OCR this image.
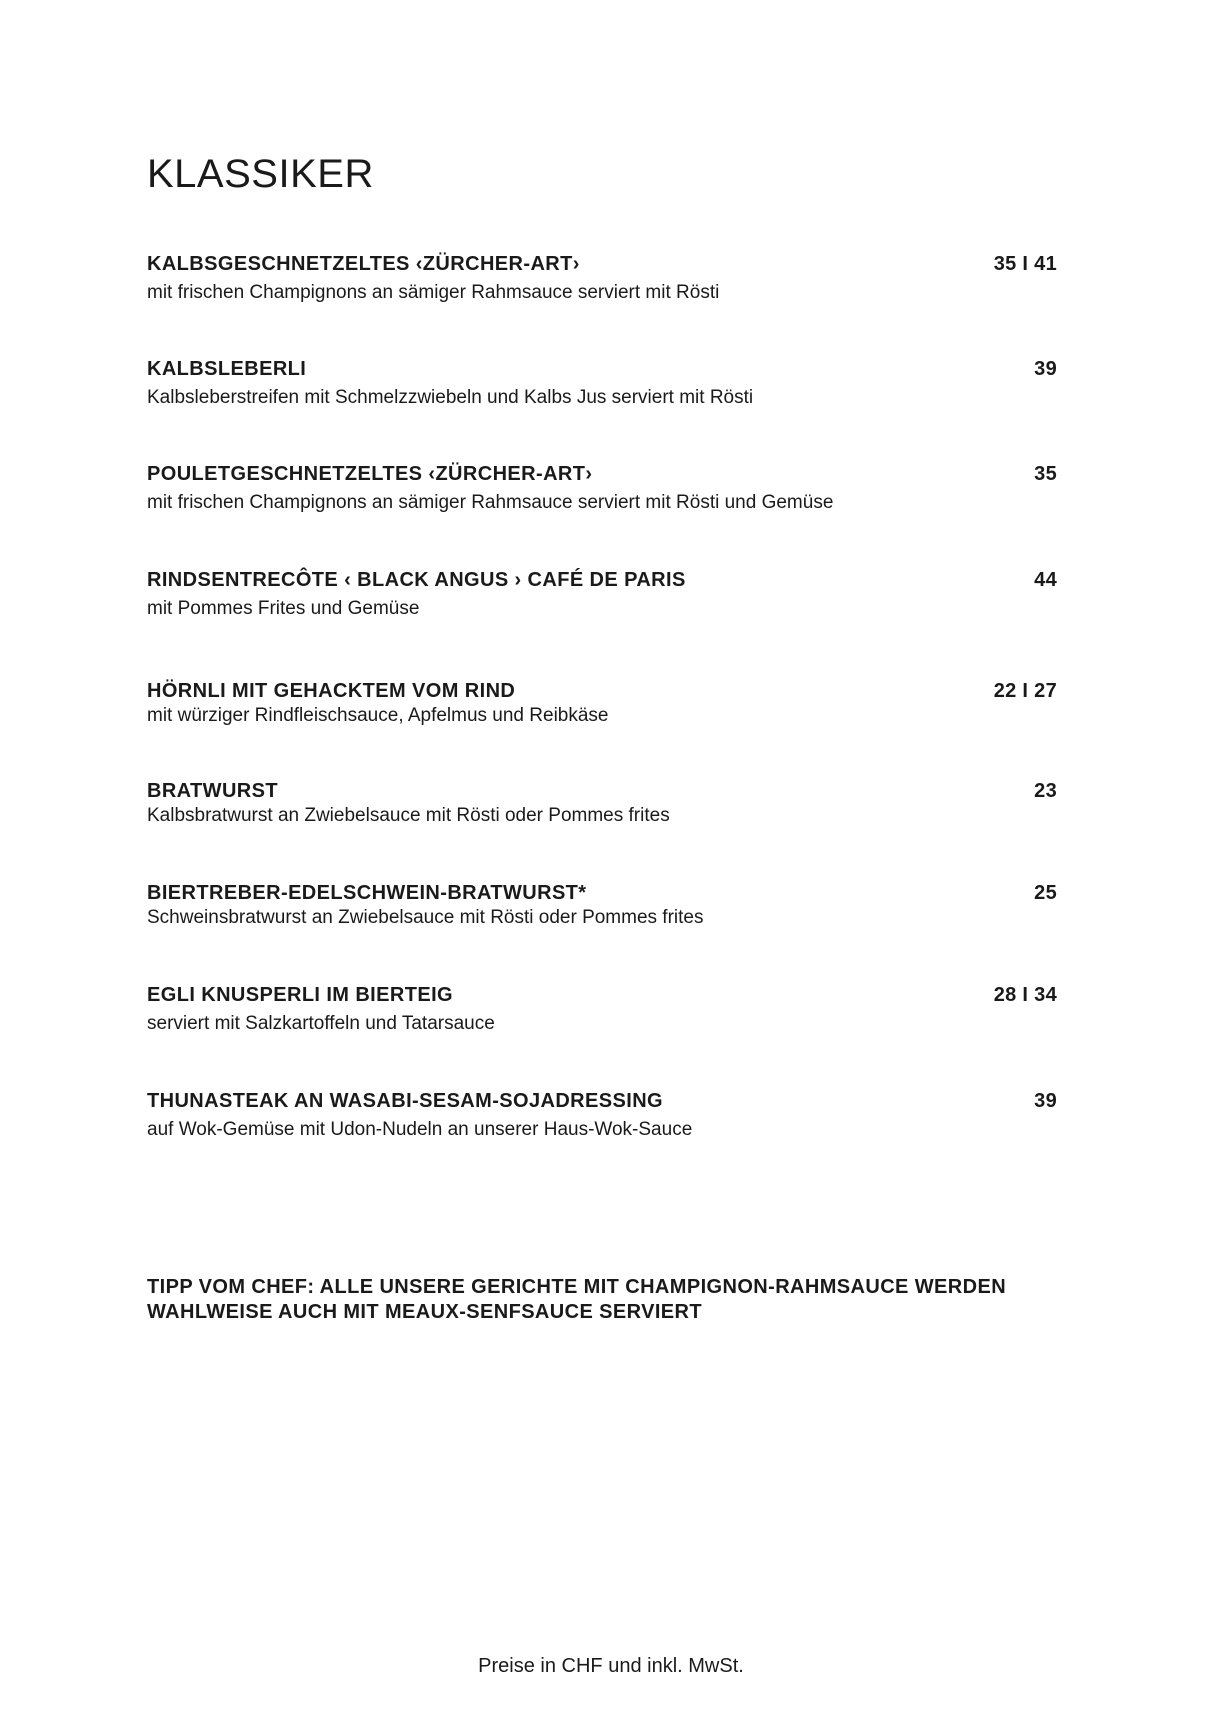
KLASSIKER
KALBSGESCHNETZELTES ‹ZÜRCHER-ART›	35 I 41
mit frischen Champignons an sämiger Rahmsauce serviert mit Rösti
KALBSLEBERLI	39
Kalbsleberstreifen mit Schmelzzwiebeln und Kalbs Jus serviert mit Rösti
POULETGESCHNETZELTES ‹ZÜRCHER-ART›	35
mit frischen Champignons an sämiger Rahmsauce serviert mit Rösti und Gemüse
RINDSENTRECÔTE ‹ BLACK ANGUS › CAFÉ DE PARIS	44
mit Pommes Frites und Gemüse
HÖRNLI MIT GEHACKTEM VOM RIND	22 I 27
mit würziger Rindfleischsauce, Apfelmus und Reibkäse
BRATWURST	23
Kalbsbratwurst an Zwiebelsauce mit Rösti oder Pommes frites
BIERTREBER-EDELSCHWEIN-BRATWURST*	25
Schweinsbratwurst an Zwiebelsauce mit Rösti oder Pommes frites
EGLI KNUSPERLI IM BIERTEIG	28 I 34
serviert mit Salzkartoffeln und Tatarsauce
THUNASTEAK AN WASABI-SESAM-SOJADRESSING	39
auf Wok-Gemüse mit Udon-Nudeln an unserer Haus-Wok-Sauce
TIPP VOM CHEF: ALLE UNSERE GERICHTE MIT CHAMPIGNON-RAHMSAUCE WERDEN
WAHLWEISE AUCH MIT MEAUX-SENFSAUCE SERVIERT
Preise in CHF und inkl. MwSt.
